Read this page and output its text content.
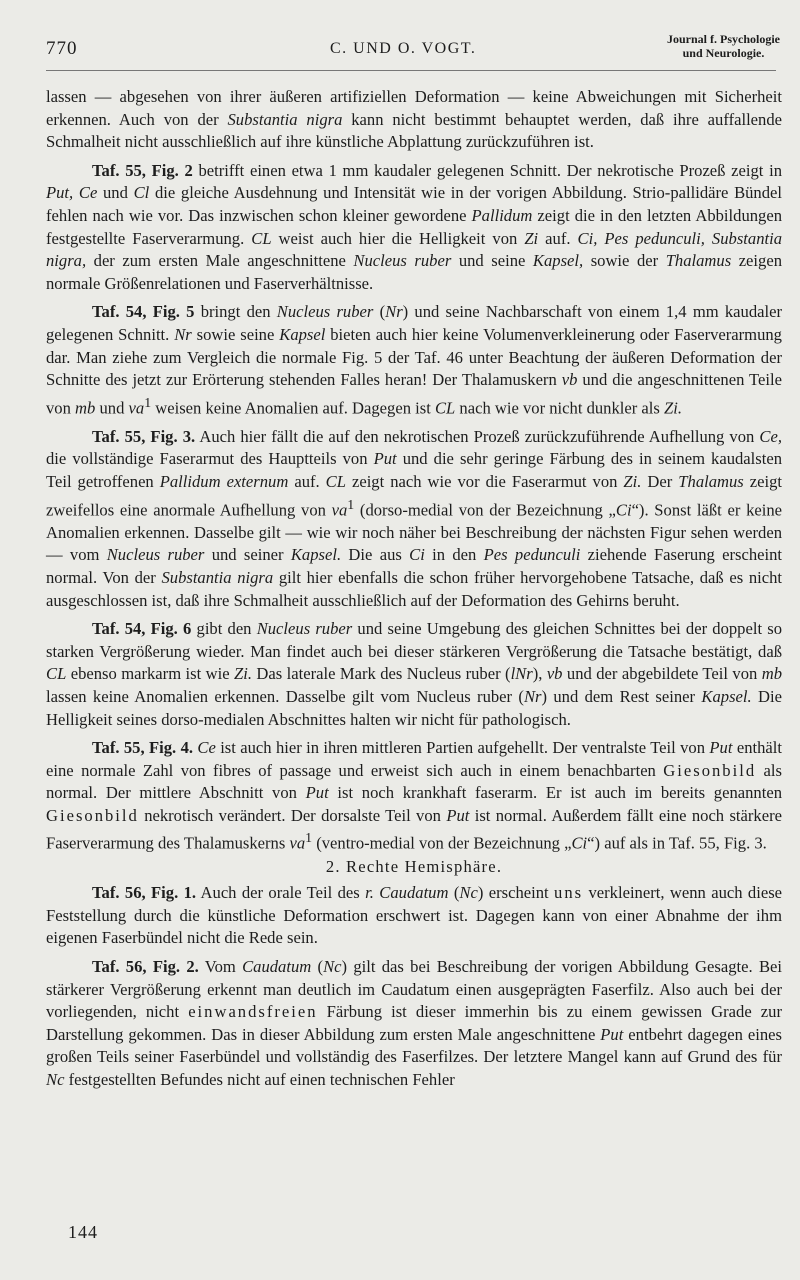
770	C. UND O. VOGT.
Journal f. Psychologie
und Neurologie.

lassen — abgesehen von ihrer äußeren artifiziellen Deformation — keine Abweichungen mit Sicherheit erkennen. Auch von der Substantia nigra kann nicht bestimmt behauptet werden, daß ihre auffallende Schmalheit nicht ausschließlich auf ihre künstliche Abplattung zurückzuführen ist.

Taf. 55, Fig. 2 betrifft einen etwa 1 mm kaudaler gelegenen Schnitt. Der nekrotische Prozeß zeigt in Put, Ce und Cl die gleiche Ausdehnung und Intensität wie in der vorigen Abbildung. Strio-pallidäre Bündel fehlen nach wie vor. Das inzwischen schon kleiner gewordene Pallidum zeigt die in den letzten Abbildungen festgestellte Faserverarmung. CL weist auch hier die Helligkeit von Zi auf. Ci, Pes pedunculi, Substantia nigra, der zum ersten Male angeschnittene Nucleus ruber und seine Kapsel, sowie der Thalamus zeigen normale Größenrelationen und Faserverhältnisse.

Taf. 54, Fig. 5 bringt den Nucleus ruber (Nr) und seine Nachbarschaft von einem 1,4 mm kaudaler gelegenen Schnitt. Nr sowie seine Kapsel bieten auch hier keine Volumenverkleinerung oder Faserverarmung dar. Man ziehe zum Vergleich die normale Fig. 5 der Taf. 46 unter Beachtung der äußeren Deformation der Schnitte des jetzt zur Erörterung stehenden Falles heran! Der Thalamuskern vb und die angeschnittenen Teile von mb und $va^1$ weisen keine Anomalien auf. Dagegen ist CL nach wie vor nicht dunkler als Zi.

Taf. 55, Fig. 3. Auch hier fällt die auf den nekrotischen Prozeß zurückzuführende Aufhellung von Ce, die vollständige Faserarmut des Hauptteils von Put und die sehr geringe Färbung des in seinem kaudalsten Teil getroffenen Pallidum externum auf. CL zeigt nach wie vor die Faserarmut von Zi. Der Thalamus zeigt zweifellos eine anormale Aufhellung von $va^1$ (dorso-medial von der Bezeichnung „Ci“). Sonst läßt er keine Anomalien erkennen. Dasselbe gilt — wie wir noch näher bei Beschreibung der nächsten Figur sehen werden — vom Nucleus ruber und seiner Kapsel. Die aus Ci in den Pes pedunculi ziehende Faserung erscheint normal. Von der Substantia nigra gilt hier ebenfalls die schon früher hervorgehobene Tatsache, daß es nicht ausgeschlossen ist, daß ihre Schmalheit ausschließlich auf der Deformation des Gehirns beruht.

Taf. 54, Fig. 6 gibt den Nucleus ruber und seine Umgebung des gleichen Schnittes bei der doppelt so starken Vergrößerung wieder. Man findet auch bei dieser stärkeren Vergrößerung die Tatsache bestätigt, daß CL ebenso markarm ist wie Zi. Das laterale Mark des Nucleus ruber (lNr), vb und der abgebildete Teil von mb lassen keine Anomalien erkennen. Dasselbe gilt vom Nucleus ruber (Nr) und dem Rest seiner Kapsel. Die Helligkeit seines dorso-medialen Abschnittes halten wir nicht für pathologisch.

Taf. 55, Fig. 4. Ce ist auch hier in ihren mittleren Partien aufgehellt. Der ventralste Teil von Put enthält eine normale Zahl von fibres of passage und erweist sich auch in einem benachbarten Giesonbild als normal. Der mittlere Abschnitt von Put ist noch krankhaft faserarm. Er ist auch im bereits genannten Giesonbild nekrotisch verändert. Der dorsalste Teil von Put ist normal. Außerdem fällt eine noch stärkere Faserverarmung des Thalamuskerns $va^1$ (ventro-medial von der Bezeichnung „Ci“) auf als in Taf. 55, Fig. 3.

2. Rechte Hemisphäre.

Taf. 56, Fig. 1. Auch der orale Teil des r. Caudatum (Nc) erscheint uns verkleinert, wenn auch diese Feststellung durch die künstliche Deformation erschwert ist. Dagegen kann von einer Abnahme der ihm eigenen Faserbündel nicht die Rede sein.

Taf. 56, Fig. 2. Vom Caudatum (Nc) gilt das bei Beschreibung der vorigen Abbildung Gesagte. Bei stärkerer Vergrößerung erkennt man deutlich im Caudatum einen ausgeprägten Faserfilz. Also auch bei der vorliegenden, nicht einwandsfreien Färbung ist dieser immerhin bis zu einem gewissen Grade zur Darstellung gekommen. Das in dieser Abbildung zum ersten Male angeschnittene Put entbehrt dagegen eines großen Teils seiner Faserbündel und vollständig des Faserfilzes. Der letztere Mangel kann auf Grund des für Nc festgestellten Befundes nicht auf einen technischen Fehler

144
